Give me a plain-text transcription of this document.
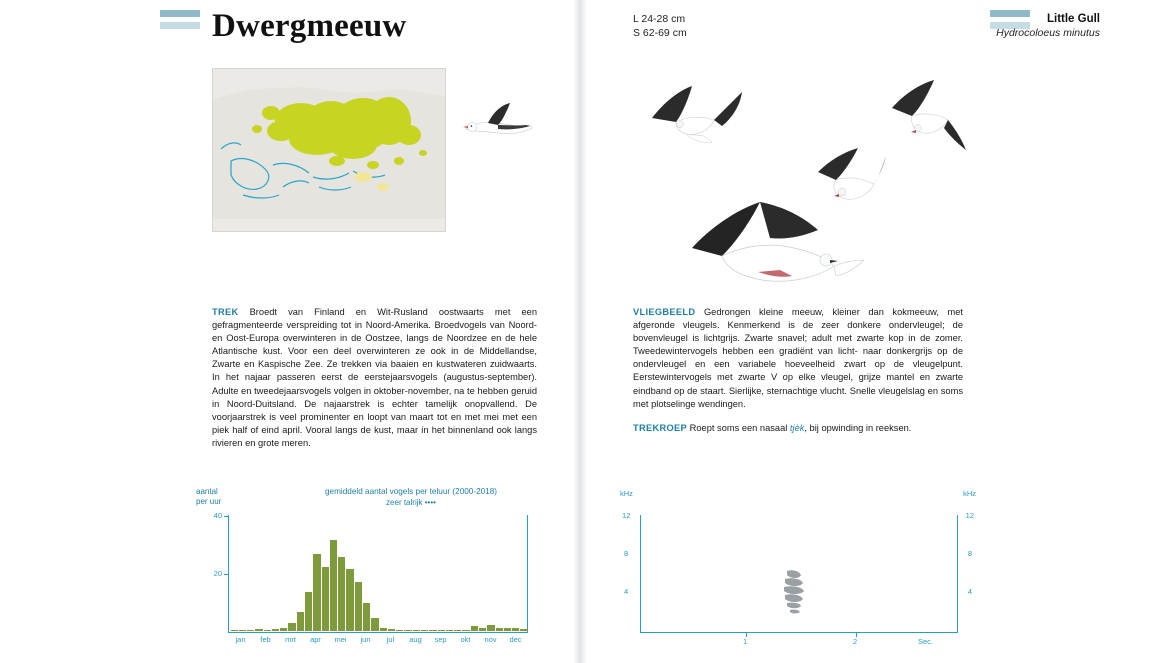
Dwergmeeuw

TREK Broedt van Finland en Wit-Rusland oostwaarts met een gefragmenteerde verspreiding tot in Noord-Amerika. Broedvogels van Noord- en Oost-Europa overwinteren in de Oostzee, langs de Noordzee en de hele Atlantische kust. Voor een deel overwinteren ze ook in de Middellandse, Zwarte en Kaspische Zee. Ze trekken via baaien en kustwateren zuidwaarts. In het najaar passeren eerst de eerstejaarsvogels (augustus-september). Adulte en tweedejaarsvogels volgen in oktober-november, na te hebben geruid in Noord-Duitsland. De najaarstrek is echter tamelijk onopvallend. De voorjaarstrek is veel prominenter en loopt van maart tot en met mei met een piek half of eind april. Vooral langs de kust, maar in het binnenland ook langs rivieren en grote meren.

aantal
per uur
gemiddeld aantal vogels per teluur (2000-2018)
zeer talrijk ••••
40
20
jan	feb	mrt	apr	mei	jun	jul	aug	sep	okt	nov	dec
L 24-28 cm
S 62-69 cm
Little Gull
Hydrocoloeus minutus

VLIEGBEELD Gedrongen kleine meeuw, kleiner dan kokmeeuw, met afgeronde vleugels. Kenmerkend is de zeer donkere ondervleugel; de bovenvleugel is lichtgrijs. Zwarte snavel; adult met zwarte kop in de zomer. Tweedewintervogels hebben een gradiënt van licht- naar donkergrijs op de ondervleugel en een variabele hoeveelheid zwart op de vleugelpunt. Eerstewintervogels met zwarte V op elke vleugel, grijze mantel en zwarte eindband op de staart. Sierlijke, sternachtige vlucht. Snelle vleugelslag en soms met plotselinge wendingen.

TREKROEP Roept soms een nasaal tjèk, bij opwinding in reeksen.

kHz	kHz
12	12
8	8
4	4
1	2	Sec.
